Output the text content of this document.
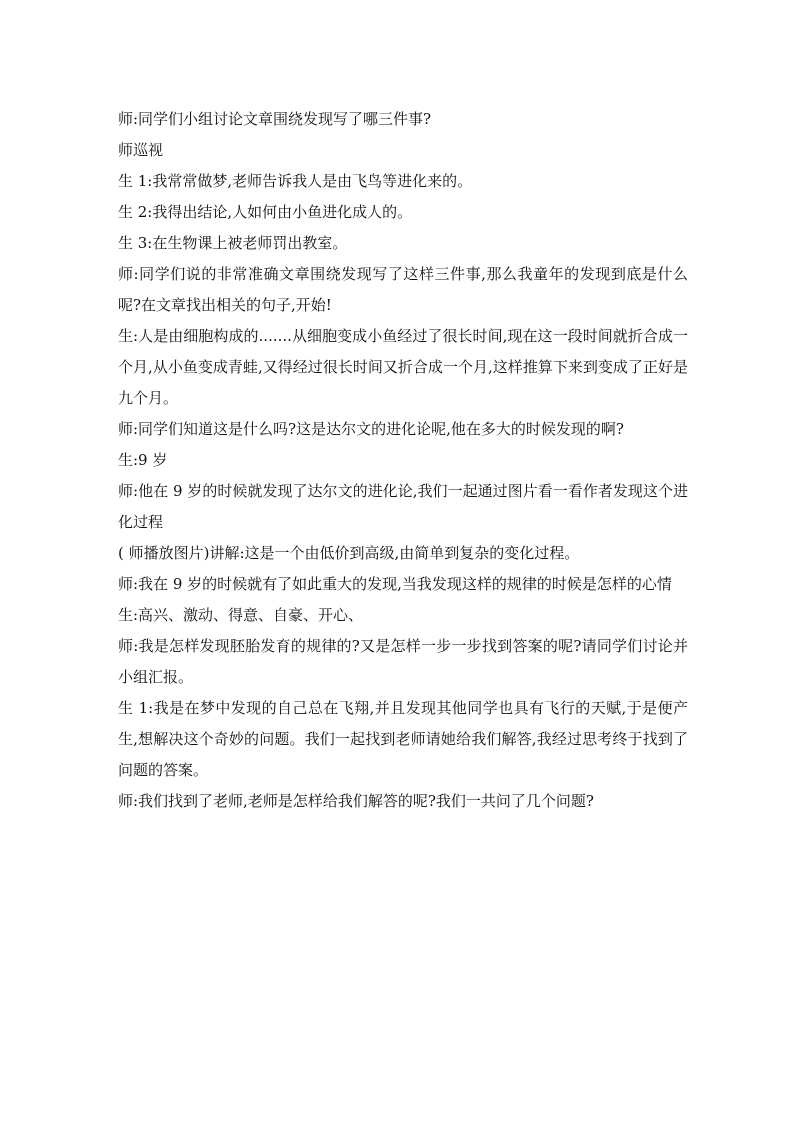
师:同学们小组讨论文章围绕发现写了哪三件事?

师巡视

生 1:我常常做梦,老师告诉我人是由飞鸟等进化来的。

生 2:我得出结论,人如何由小鱼进化成人的。

生 3:在生物课上被老师罚出教室。

师:同学们说的非常准确文章围绕发现写了这样三件事,那么我童年的发现到底是什么呢?在文章找出相关的句子,开始!

生:人是由细胞构成的.......从细胞变成小鱼经过了很长时间,现在这一段时间就折合成一个月,从小鱼变成青蛙,又得经过很长时间又折合成一个月,这样推算下来到变成了正好是九个月。

师:同学们知道这是什么吗?这是达尔文的进化论呢,他在多大的时候发现的啊?

生:9 岁

师:他在 9 岁的时候就发现了达尔文的进化论,我们一起通过图片看一看作者发现这个进化过程

( 师播放图片)讲解:这是一个由低价到高级,由简单到复杂的变化过程。

师:我在 9 岁的时候就有了如此重大的发现,当我发现这样的规律的时候是怎样的心情

生:高兴、激动、得意、自豪、开心、

师:我是怎样发现胚胎发育的规律的?又是怎样一步一步找到答案的呢?请同学们讨论并小组汇报。

生 1:我是在梦中发现的自己总在飞翔,并且发现其他同学也具有飞行的天赋,于是便产生,想解决这个奇妙的问题。我们一起找到老师请她给我们解答,我经过思考终于找到了问题的答案。

师:我们找到了老师,老师是怎样给我们解答的呢?我们一共问了几个问题?
